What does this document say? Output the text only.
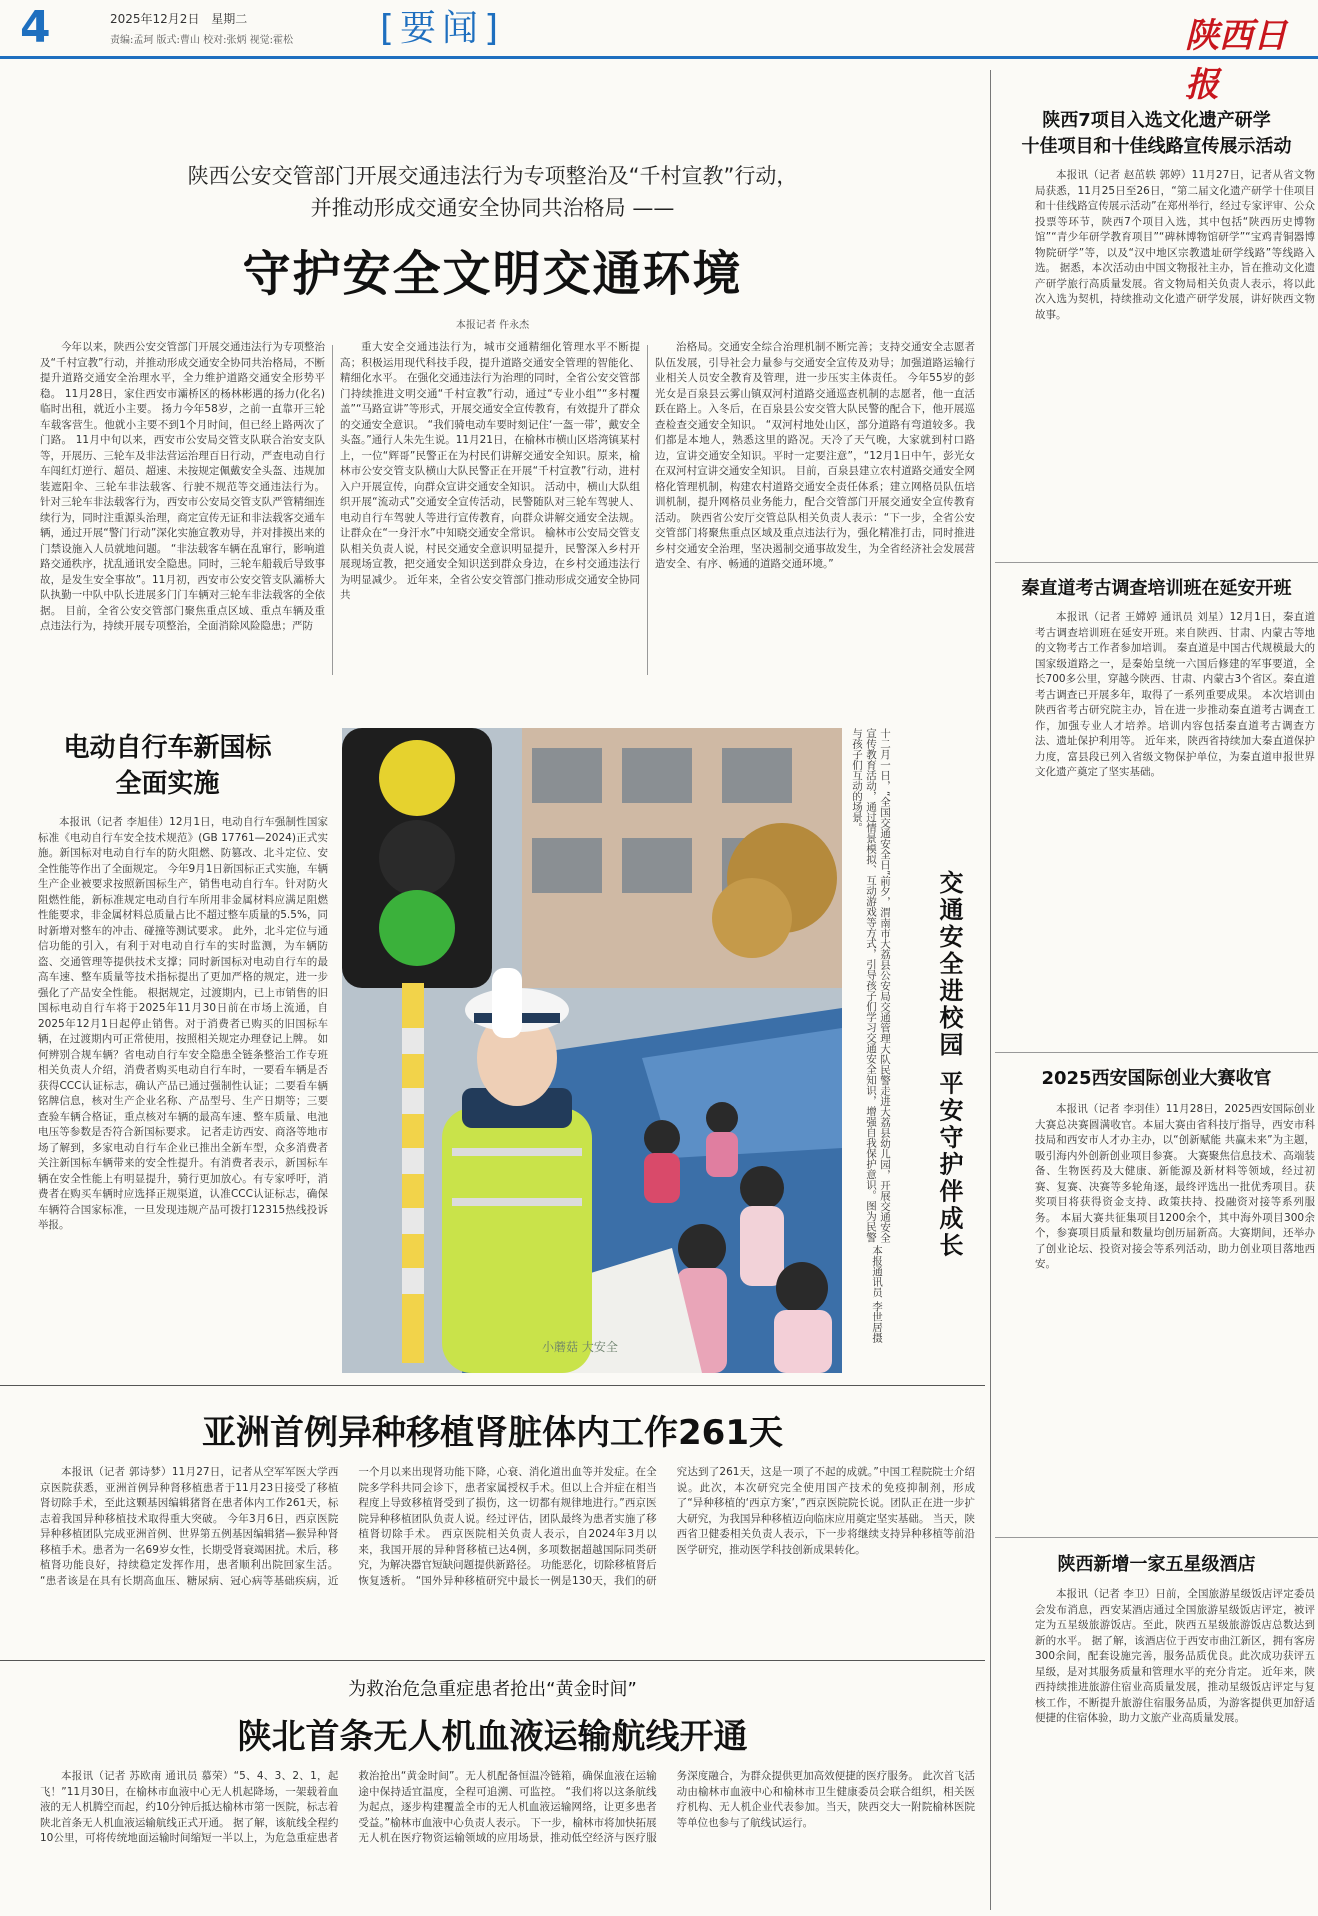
4	2025年12月2日 星期二
责编:孟珂 版式:曹山 校对:张炳 视觉:霍松 [要闻]	陕西日报
陕西公安交管部门开展交通违法行为专项整治及“千村宣教”行动，
并推动形成交通安全协同共治格局 ——
守护安全文明交通环境
本报记者 仵永杰

今年以来，陕西公安交管部门开展交通违法行为专项整治及“千村宣教”行动，并推动形成交通安全协同共治格局，不断提升道路交通安全治理水平，全力维护道路交通安全形势平稳。 11月28日，家住西安市灞桥区的杨林彬遇的扬力(化名)临时出租，就近小主要。 扬力今年58岁，之前一直靠开三轮车载客营生。他就小主要不到1个月时间，但已经上路两次了门路。 11月中旬以来，西安市公安局交管支队联合治安支队等，开展历、三轮车及非法营运治理百日行动，严查电动自行车闯红灯逆行、超员、超速、未按规定佩戴安全头盔、违规加装遮阳伞、三轮车非法载客、行驶不规范等交通违法行为。 针对三轮车非法载客行为，西安市公安局交管支队严管精细连续行为，同时注重源头治理，商定宣传无证和非法载客交通车辆，通过开展“警门行动”深化实施宣教劝导，并对排摸出来的门禁设施入人员就地问题。 “非法载客车辆在乱窜行，影响道路交通秩序，扰乱通讯安全隐患。同时，三轮车船载后导致事故，是发生安全事故”。11月初，西安市公安交管支队灞桥大队执勤一中队中队长进展多门门车辆对三轮车非法载客的全依据。 目前，全省公安交管部门聚焦重点区域、重点车辆及重点违法行为，持续开展专项整治，全面消除风险隐患；严防

重大安全交通违法行为，城市交通精细化管理水平不断提高；积极运用现代科技手段，提升道路交通安全管理的智能化、精细化水平。 在强化交通违法行为治理的同时，全省公安交管部门持续推进文明交通“千村宣教”行动，通过“专业小组”“多村覆盖”“马路宣讲”等形式，开展交通安全宣传教育，有效提升了群众的交通安全意识。 “我们骑电动车要时刻记住‘一盔一带’，戴安全头盔。”通行人朱先生说。11月21日，在榆林市横山区塔湾镇某村上，一位“辉哥”民警正在为村民们讲解交通安全知识。原来，榆林市公安交管支队横山大队民警正在开展“千村宣教”行动，进村入户开展宣传，向群众宣讲交通安全知识。 活动中，横山大队组织开展“流动式”交通安全宣传活动，民警随队对三轮车驾驶人、电动自行车驾驶人等进行宣传教育，向群众讲解交通安全法规。让群众在“一身汗水”中知晓交通安全常识。 榆林市公安局交管支队相关负责人说，村民交通安全意识明显提升，民警深入乡村开展现场宣教，把交通安全知识送到群众身边，在乡村交通违法行为明显减少。 近年来，全省公安交管部门推动形成交通安全协同共

治格局。交通安全综合治理机制不断完善；支持交通安全志愿者队伍发展，引导社会力量参与交通安全宣传及劝导；加强道路运输行业相关人员安全教育及管理，进一步压实主体责任。 今年55岁的彭光女是百泉县云雾山镇双河村道路交通巡查机制的志愿者，他一直活跃在路上。入冬后，在百泉县公安交管大队民警的配合下，他开展巡查检查交通安全知识。 “双河村地处山区，部分道路有弯道较多。我们都是本地人，熟悉这里的路况。天冷了天气晚，大家就到村口路边，宣讲交通安全知识。平时一定要注意”，“12月1日中午，彭光女在双河村宣讲交通安全知识。 目前，百泉县建立农村道路交通安全网格化管理机制，构建农村道路交通安全责任体系；建立网格员队伍培训机制，提升网格员业务能力，配合交管部门开展交通安全宣传教育活动。 陕西省公安厅交管总队相关负责人表示：“下一步，全省公安交管部门将聚焦重点区域及重点违法行为，强化精准打击，同时推进乡村交通安全治理，坚决遏制交通事故发生，为全省经济社会发展营造安全、有序、畅通的道路交通环境。”

电动自行车新国标
全面实施

本报讯（记者 李旭佳）12月1日，电动自行车强制性国家标准《电动自行车安全技术规范》(GB 17761—2024)正式实施。新国标对电动自行车的防火阻燃、防篡改、北斗定位、安全性能等作出了全面规定。 今年9月1日新国标正式实施，车辆生产企业被要求按照新国标生产，销售电动自行车。针对防火阻燃性能，新标准规定电动自行车所用非金属材料应满足阻燃性能要求，非金属材料总质量占比不超过整车质量的5.5%，同时新增对整车的冲击、碰撞等测试要求。 此外，北斗定位与通信功能的引入，有利于对电动自行车的实时监测，为车辆防盗、交通管理等提供技术支撑；同时新国标对电动自行车的最高车速、整车质量等技术指标提出了更加严格的规定，进一步强化了产品安全性能。 根据规定，过渡期内，已上市销售的旧国标电动自行车将于2025年11月30日前在市场上流通，自2025年12月1日起停止销售。对于消费者已购买的旧国标车辆，在过渡期内可正常使用，按照相关规定办理登记上牌。 如何辨别合规车辆？省电动自行车安全隐患全链条整治工作专班相关负责人介绍，消费者购买电动自行车时，一要看车辆是否获得CCC认证标志，确认产品已通过强制性认证；二要看车辆铭牌信息，核对生产企业名称、产品型号、生产日期等；三要查验车辆合格证，重点核对车辆的最高车速、整车质量、电池电压等参数是否符合新国标要求。 记者走访西安、商洛等地市场了解到，多家电动自行车企业已推出全新车型，众多消费者关注新国标车辆带来的安全性提升。有消费者表示，新国标车辆在安全性能上有明显提升，骑行更加放心。有专家呼吁，消费者在购买车辆时应选择正规渠道，认准CCC认证标志，确保车辆符合国家标准，一旦发现违规产品可拨打12315热线投诉举报。

小蘑菇 大安全
十二月一日，“全国交通安全日”前夕，渭南市大荔县公安局交通管理大队民警走进大荔县幼儿园，开展交通安全宣传教育活动，通过情景模拟、互动游戏等方式，引导孩子们学习交通安全知识，增强自我保护意识。图为民警与孩子们互动的场景。
本报通讯员 李世居摄
交通安全进校园 平安守护伴成长
亚洲首例异种移植肾脏体内工作261天

本报讯（记者 郭诗梦）11月27日，记者从空军军医大学西京医院获悉，亚洲首例异种肾移植患者于11月23日接受了移植肾切除手术，至此这颗基因编辑猪肾在患者体内工作261天，标志着我国异种移植技术取得重大突破。 今年3月6日，西京医院异种移植团队完成亚洲首例、世界第五例基因编辑猪—猴异种肾移植手术。患者为一名69岁女性，长期受肾衰竭困扰。术后，移植肾功能良好，持续稳定发挥作用，患者顺利出院回家生活。 “患者该是在具有长期高血压、糖尿病、冠心病等基础疾病，近一个月以来出现肾功能下降，心衰、消化道出血等并发症。在全院多学科共同会诊下，患者家属授权手术。但以上合并症在相当程度上导致移植肾受到了损伤，这一切都有规律地进行。”西京医院异种移植团队负责人说。经过评估，团队最终为患者实施了移植肾切除手术。 西京医院相关负责人表示，自2024年3月以来，我国开展的异种肾移植已达4例，多项数据超越国际同类研究，为解决器官短缺问题提供新路径。 功能恶化，切除移植肾后恢复透析。 “国外异种移植研究中最长一例是130天，我们的研究达到了261天，这是一项了不起的成就。”中国工程院院士介绍说。此次，本次研究完全使用国产技术的免疫抑制剂，形成了“异种移植的‘西京方案’，”西京医院院长说。团队正在进一步扩大研究，为我国异种移植迈向临床应用奠定坚实基础。 当天，陕西省卫健委相关负责人表示，下一步将继续支持异种移植等前沿医学研究，推动医学科技创新成果转化。

为救治危急重症患者抢出“黄金时间”
陕北首条无人机血液运输航线开通

本报讯（记者 苏欧南 通讯员 慕荣）“5、4、3、2、1，起飞！”11月30日，在榆林市血液中心无人机起降场，一架载着血液的无人机腾空而起，约10分钟后抵达榆林市第一医院，标志着陕北首条无人机血液运输航线正式开通。 据了解，该航线全程约10公里，可将传统地面运输时间缩短一半以上，为危急重症患者救治抢出“黄金时间”。无人机配备恒温冷链箱，确保血液在运输途中保持适宜温度，全程可追溯、可监控。 “我们将以这条航线为起点，逐步构建覆盖全市的无人机血液运输网络，让更多患者受益。”榆林市血液中心负责人表示。 下一步，榆林市将加快拓展无人机在医疗物资运输领域的应用场景，推动低空经济与医疗服务深度融合，为群众提供更加高效便捷的医疗服务。 此次首飞活动由榆林市血液中心和榆林市卫生健康委员会联合组织，相关医疗机构、无人机企业代表参加。当天，陕西交大一附院榆林医院等单位也参与了航线试运行。

陕西7项目入选文化遗产研学
十佳项目和十佳线路宣传展示活动

本报讯（记者 赵茁轶 郭婷）11月27日，记者从省文物局获悉，11月25日至26日，“第二届文化遗产研学十佳项目和十佳线路宣传展示活动”在郑州举行，经过专家评审、公众投票等环节，陕西7个项目入选，其中包括“陕西历史博物馆”“青少年研学教育项目”“碑林博物馆研学”“宝鸡青铜器博物院研学”等，以及“汉中地区宗教遗址研学线路”等线路入选。 据悉，本次活动由中国文物报社主办，旨在推动文化遗产研学旅行高质量发展。省文物局相关负责人表示，将以此次入选为契机，持续推动文化遗产研学发展，讲好陕西文物故事。

秦直道考古调查培训班在延安开班

本报讯（记者 王嫦婷 通讯员 刘星）12月1日，秦直道考古调查培训班在延安开班。来自陕西、甘肃、内蒙古等地的文物考古工作者参加培训。 秦直道是中国古代规模最大的国家级道路之一，是秦始皇统一六国后修建的军事要道，全长700多公里，穿越今陕西、甘肃、内蒙古3个省区。秦直道考古调查已开展多年，取得了一系列重要成果。 本次培训由陕西省考古研究院主办，旨在进一步推动秦直道考古调查工作，加强专业人才培养。培训内容包括秦直道考古调查方法、遗址保护利用等。 近年来，陕西省持续加大秦直道保护力度，富县段已列入省级文物保护单位，为秦直道申报世界文化遗产奠定了坚实基础。

2025西安国际创业大赛收官

本报讯（记者 李羽佳）11月28日，2025西安国际创业大赛总决赛圆满收官。本届大赛由省科技厅指导，西安市科技局和西安市人才办主办，以“创新赋能 共赢未来”为主题，吸引海内外创新创业项目参赛。 大赛聚焦信息技术、高端装备、生物医药及大健康、新能源及新材料等领域，经过初赛、复赛、决赛等多轮角逐，最终评选出一批优秀项目。获奖项目将获得资金支持、政策扶持、投融资对接等系列服务。 本届大赛共征集项目1200余个，其中海外项目300余个，参赛项目质量和数量均创历届新高。大赛期间，还举办了创业论坛、投资对接会等系列活动，助力创业项目落地西安。

陕西新增一家五星级酒店

本报讯（记者 李卫）日前，全国旅游星级饭店评定委员会发布消息，西安某酒店通过全国旅游星级饭店评定，被评定为五星级旅游饭店。至此，陕西五星级旅游饭店总数达到新的水平。 据了解，该酒店位于西安市曲江新区，拥有客房300余间，配套设施完善，服务品质优良。此次成功获评五星级，是对其服务质量和管理水平的充分肯定。 近年来，陕西持续推进旅游住宿业高质量发展，推动星级饭店评定与复核工作，不断提升旅游住宿服务品质，为游客提供更加舒适便捷的住宿体验，助力文旅产业高质量发展。
